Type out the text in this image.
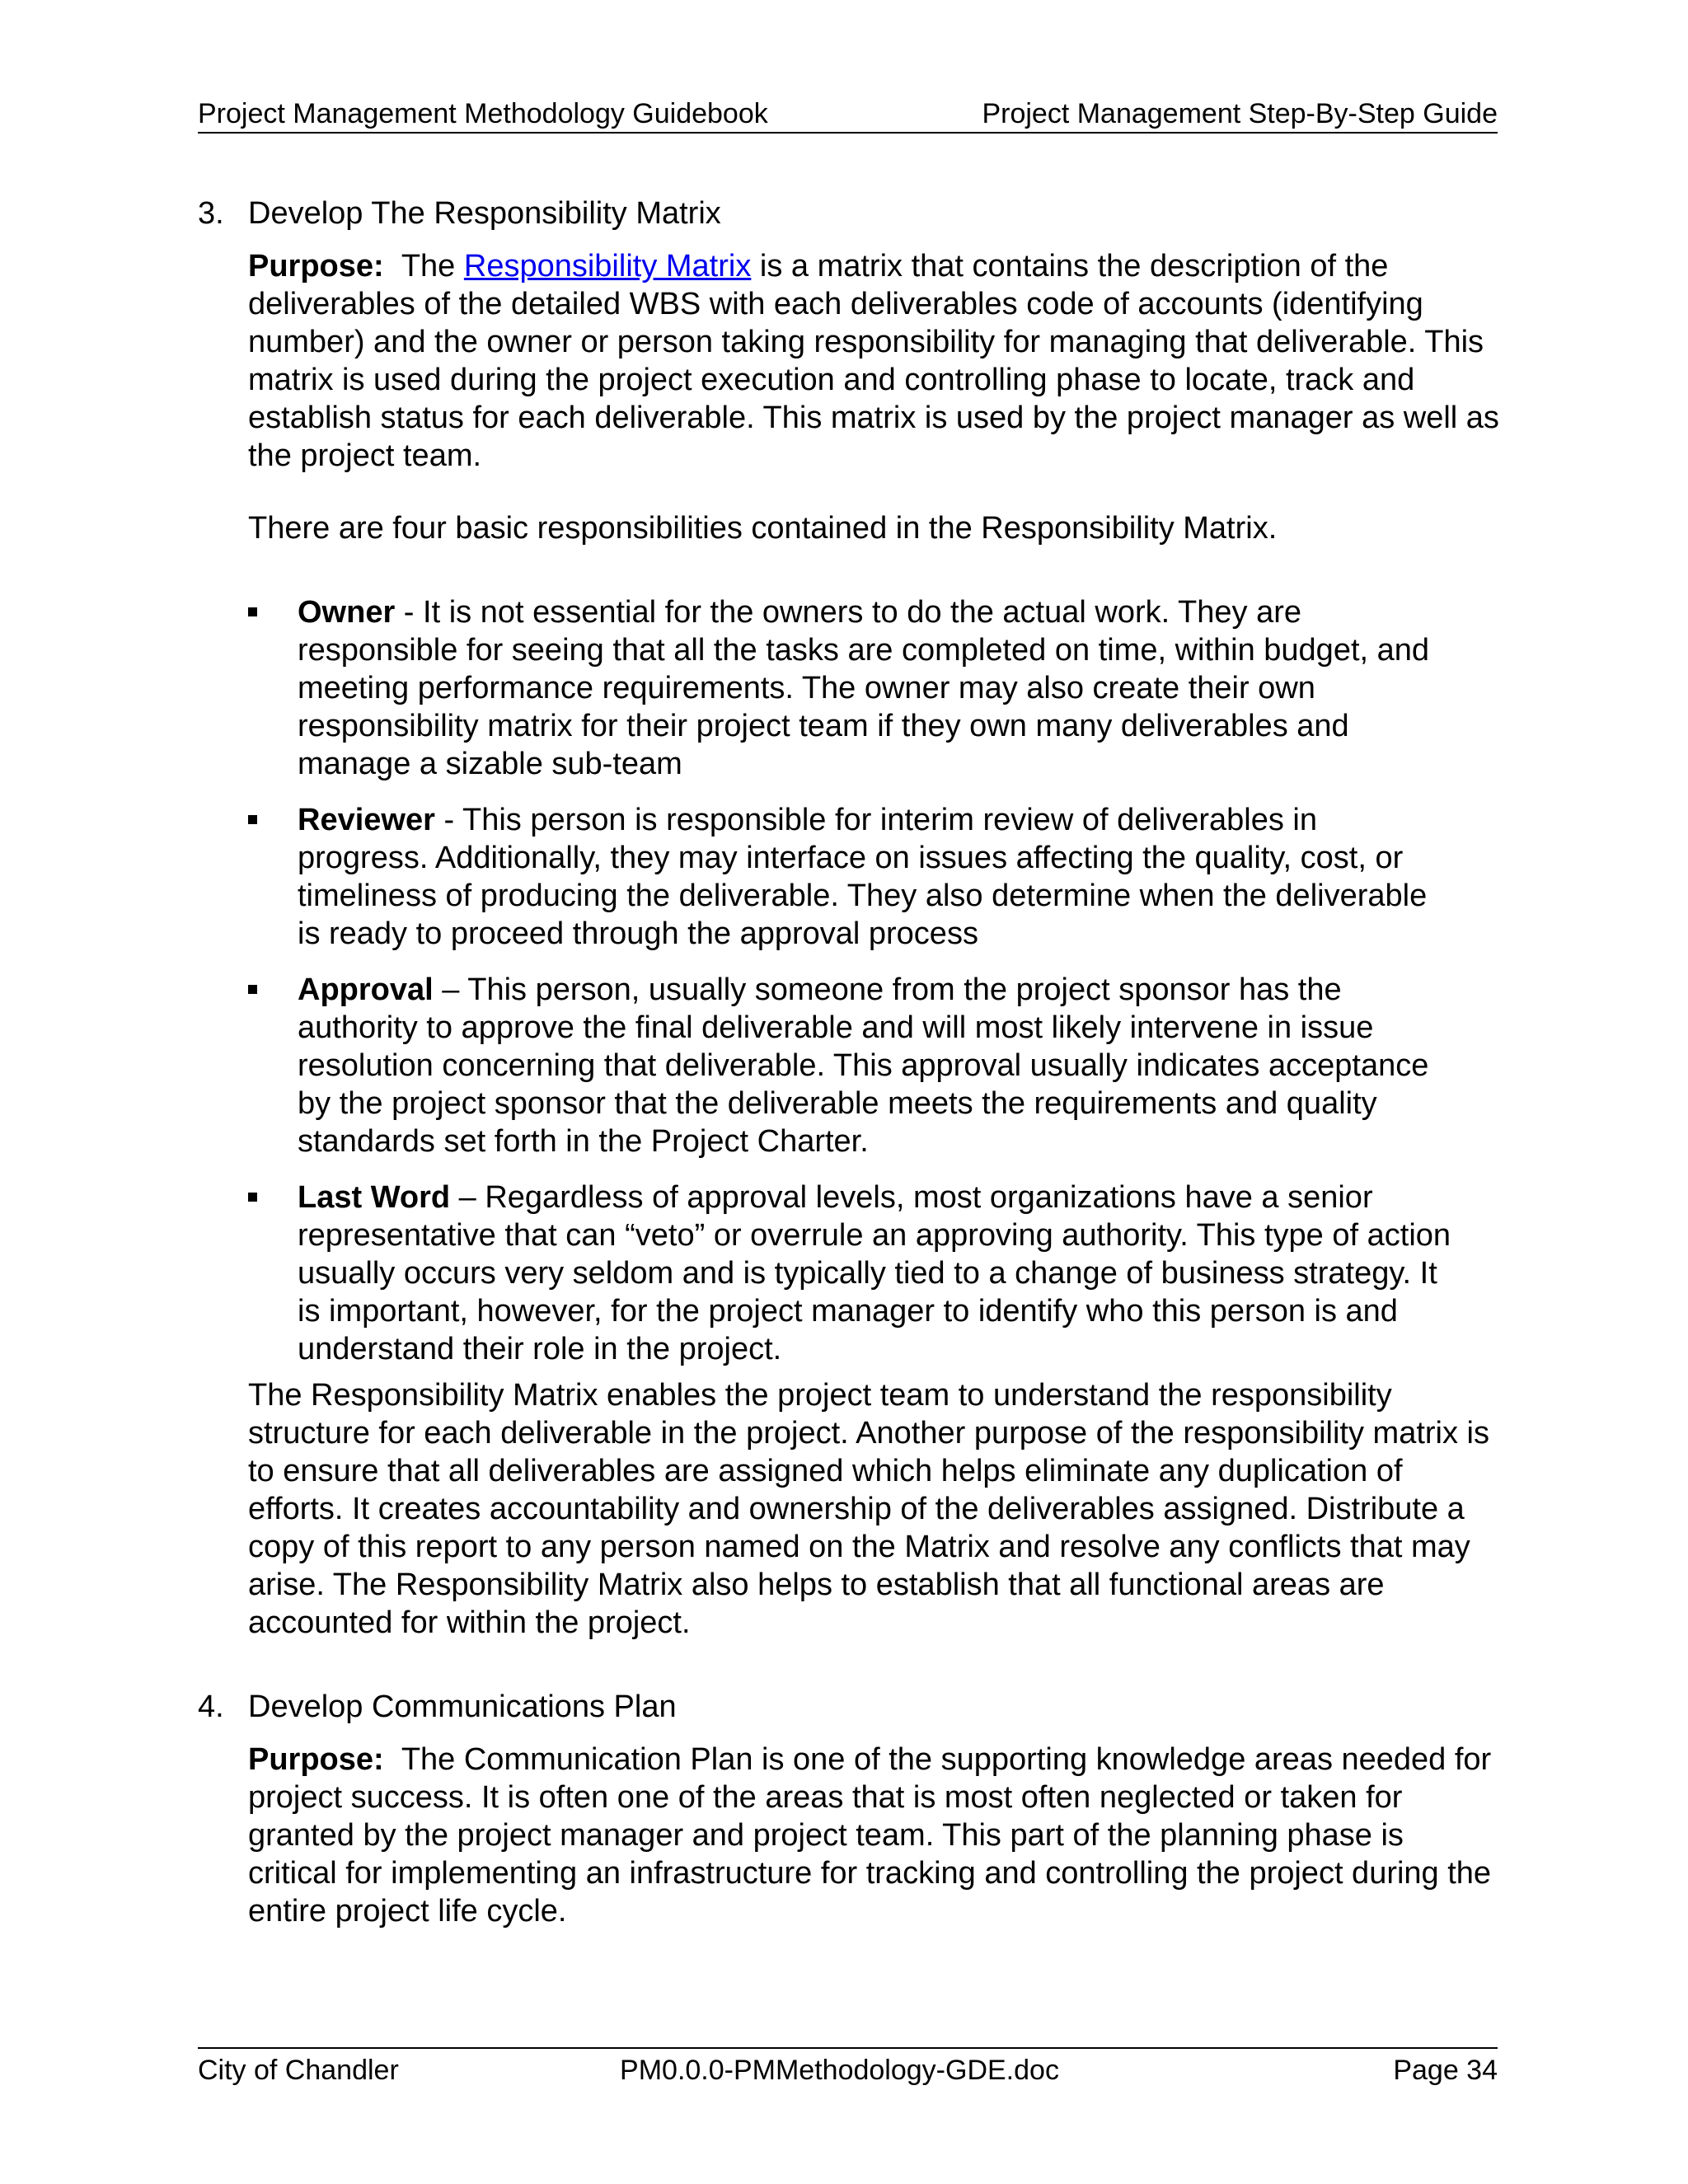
Project Management Methodology Guidebook	Project Management Step-By-Step Guide
3. Develop The Responsibility Matrix

Purpose: The Responsibility Matrix is a matrix that contains the description of the deliverables of the detailed WBS with each deliverables code of accounts (identifying number) and the owner or person taking responsibility for managing that deliverable. This matrix is used during the project execution and controlling phase to locate, track and establish status for each deliverable. This matrix is used by the project manager as well as the project team.

There are four basic responsibilities contained in the Responsibility Matrix.

Owner - It is not essential for the owners to do the actual work. They are responsible for seeing that all the tasks are completed on time, within budget, and meeting performance requirements. The owner may also create their own responsibility matrix for their project team if they own many deliverables and manage a sizable sub-team
Reviewer - This person is responsible for interim review of deliverables in progress. Additionally, they may interface on issues affecting the quality, cost, or timeliness of producing the deliverable. They also determine when the deliverable is ready to proceed through the approval process
Approval – This person, usually someone from the project sponsor has the authority to approve the final deliverable and will most likely intervene in issue resolution concerning that deliverable. This approval usually indicates acceptance by the project sponsor that the deliverable meets the requirements and quality standards set forth in the Project Charter.
Last Word – Regardless of approval levels, most organizations have a senior representative that can “veto” or overrule an approving authority. This type of action usually occurs very seldom and is typically tied to a change of business strategy. It is important, however, for the project manager to identify who this person is and understand their role in the project.

The Responsibility Matrix enables the project team to understand the responsibility structure for each deliverable in the project. Another purpose of the responsibility matrix is to ensure that all deliverables are assigned which helps eliminate any duplication of efforts. It creates accountability and ownership of the deliverables assigned. Distribute a copy of this report to any person named on the Matrix and resolve any conflicts that may arise. The Responsibility Matrix also helps to establish that all functional areas are accounted for within the project.

4. Develop Communications Plan

Purpose: The Communication Plan is one of the supporting knowledge areas needed for project success. It is often one of the areas that is most often neglected or taken for granted by the project manager and project team. This part of the planning phase is critical for implementing an infrastructure for tracking and controlling the project during the entire project life cycle.

City of Chandler	PM0.0.0-PMMethodology-GDE.doc	Page 34
